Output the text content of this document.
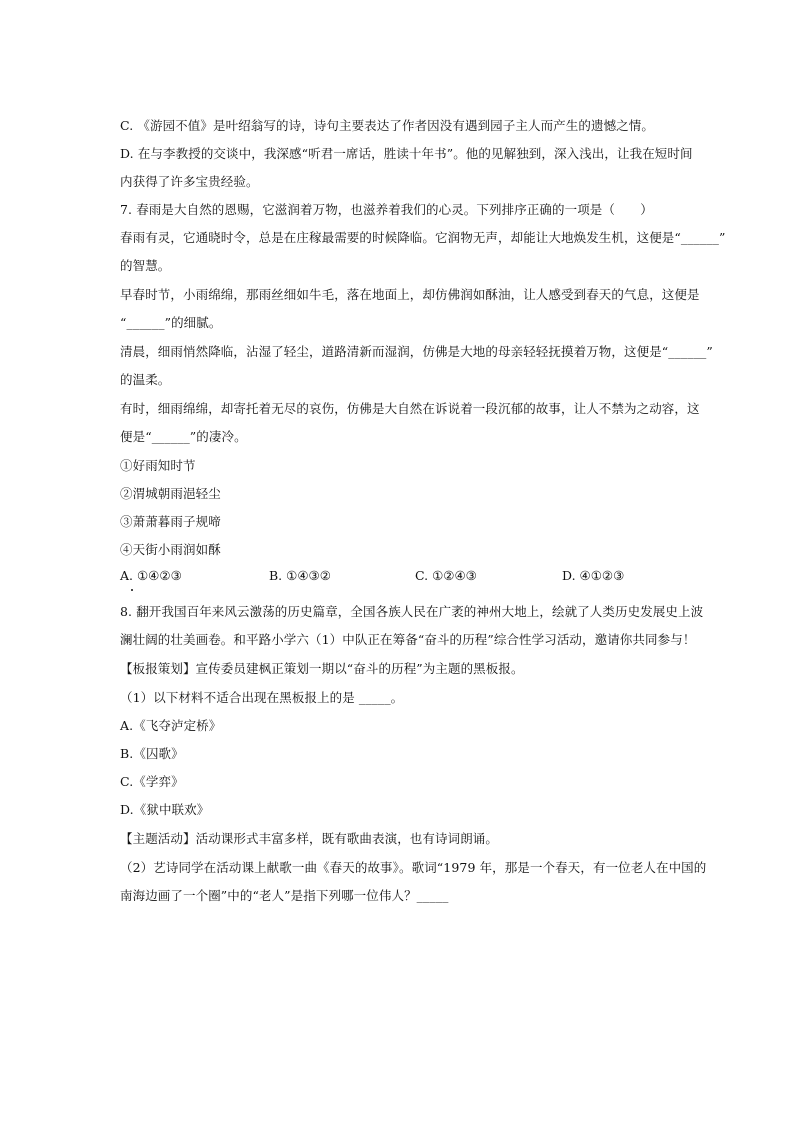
C. 《游园不值》是叶绍翁写的诗，诗句主要表达了作者因没有遇到园子主人而产生的遗憾之情。
D. 在与李教授的交谈中，我深感“听君一席话，胜读十年书”。他的见解独到，深入浅出，让我在短时间
内获得了许多宝贵经验。
7. 春雨是大自然的恩赐，它滋润着万物，也滋养着我们的心灵。下列排序正确的一项是（　　）
春雨有灵，它通晓时令，总是在庄稼最需要的时候降临。它润物无声，却能让大地焕发生机，这便是“______”
的智慧。
早春时节，小雨绵绵，那雨丝细如牛毛，落在地面上，却仿佛润如酥油，让人感受到春天的气息，这便是
“______”的细腻。
清晨，细雨悄然降临，沾湿了轻尘，道路清新而湿润，仿佛是大地的母亲轻轻抚摸着万物，这便是“______”
的温柔。
有时，细雨绵绵，却寄托着无尽的哀伤，仿佛是大自然在诉说着一段沉郁的故事，让人不禁为之动容，这
便是“______”的凄冷。
①好雨知时节
②渭城朝雨浥轻尘
③萧萧暮雨子规啼
④天街小雨润如酥
A. ①④②③	B. ①④③②	C. ①②④③	D. ④①②③
8. 翻开我国百年来风云激荡的历史篇章，全国各族人民在广袤的神州大地上，绘就了人类历史发展史上波
澜壮阔的壮美画卷。和平路小学六（1）中队正在筹备“奋斗的历程”综合性学习活动，邀请你共同参与！
【板报策划】宣传委员建枫正策划一期以“奋斗的历程”为主题的黑板报。
（1）以下材料不适合出现在黑板报上的是 _____。
A.《飞夺泸定桥》
B.《囚歌》
C.《学弈》
D.《狱中联欢》
【主题活动】活动课形式丰富多样，既有歌曲表演，也有诗词朗诵。
（2）艺诗同学在活动课上献歌一曲《春天的故事》。歌词“1979 年，那是一个春天，有一位老人在中国的
南海边画了一个圈”中的“老人”是指下列哪一位伟人？_____
